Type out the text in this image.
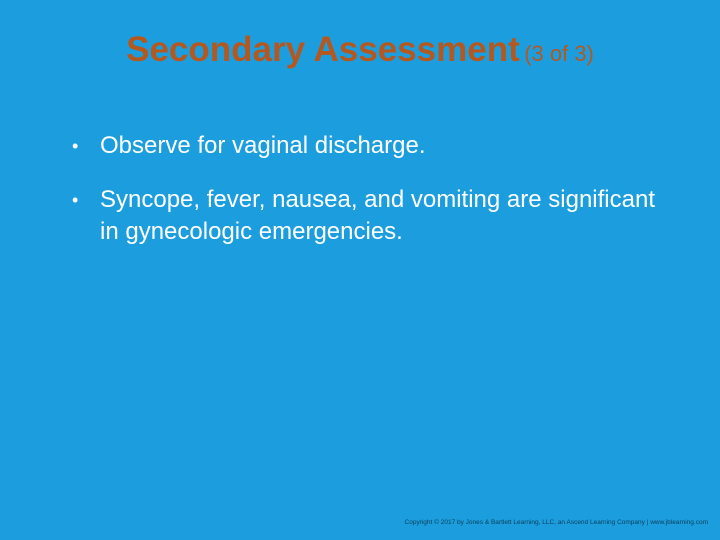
Secondary Assessment (3 of 3)
• Observe for vaginal discharge.
• Syncope, fever, nausea, and vomiting are significant in gynecologic emergencies.
Copyright © 2017 by Jones & Bartlett Learning, LLC, an Ascend Learning Company | www.jblearning.com
